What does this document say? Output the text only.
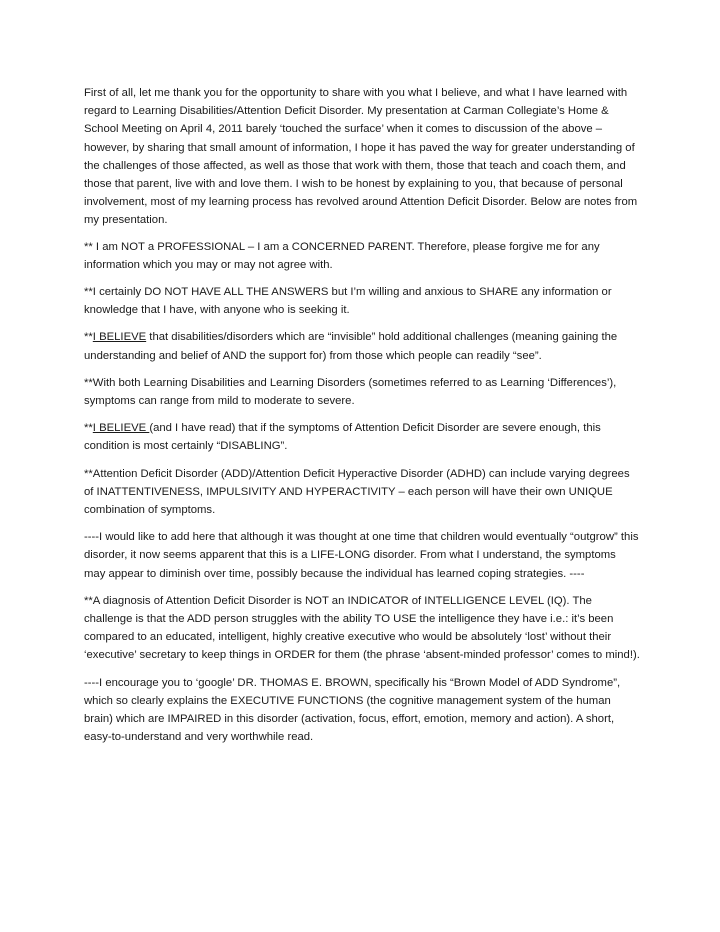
First of all, let me thank you for the opportunity to share with you what I believe, and what I have learned with regard to Learning Disabilities/Attention Deficit Disorder. My presentation at Carman Collegiate’s Home & School Meeting on April 4, 2011 barely ‘touched the surface’ when it comes to discussion of the above – however, by sharing that small amount of information, I hope it has paved the way for greater understanding of the challenges of those affected, as well as those that work with them, those that teach and coach them, and those that parent, live with and love them. I wish to be honest by explaining to you, that because of personal involvement, most of my learning process has revolved around Attention Deficit Disorder. Below are notes from my presentation.

** I am NOT a PROFESSIONAL – I am a CONCERNED PARENT. Therefore, please forgive me for any information which you may or may not agree with.

**I certainly DO NOT HAVE ALL THE ANSWERS but I’m willing and anxious to SHARE any information or knowledge that I have, with anyone who is seeking it.

**I BELIEVE that disabilities/disorders which are “invisible” hold additional challenges (meaning gaining the understanding and belief of AND the support for) from those which people can readily “see”.

**With both Learning Disabilities and Learning Disorders (sometimes referred to as Learning ‘Differences’), symptoms can range from mild to moderate to severe.

**I BELIEVE (and I have read) that if the symptoms of Attention Deficit Disorder are severe enough, this condition is most certainly “DISABLING”.

**Attention Deficit Disorder (ADD)/Attention Deficit Hyperactive Disorder (ADHD) can include varying degrees of INATTENTIVENESS, IMPULSIVITY AND HYPERACTIVITY – each person will have their own UNIQUE combination of symptoms.

----I would like to add here that although it was thought at one time that children would eventually “outgrow” this disorder, it now seems apparent that this is a LIFE-LONG disorder. From what I understand, the symptoms may appear to diminish over time, possibly because the individual has learned coping strategies. ----

**A diagnosis of Attention Deficit Disorder is NOT an INDICATOR of INTELLIGENCE LEVEL (IQ). The challenge is that the ADD person struggles with the ability TO USE the intelligence they have i.e.: it’s been compared to an educated, intelligent, highly creative executive who would be absolutely ‘lost’ without their ‘executive’ secretary to keep things in ORDER for them (the phrase ‘absent-minded professor’ comes to mind!).

----I encourage you to ‘google’ DR. THOMAS E. BROWN, specifically his “Brown Model of ADD Syndrome”, which so clearly explains the EXECUTIVE FUNCTIONS (the cognitive management system of the human brain) which are IMPAIRED in this disorder (activation, focus, effort, emotion, memory and action). A short, easy-to-understand and very worthwhile read.
